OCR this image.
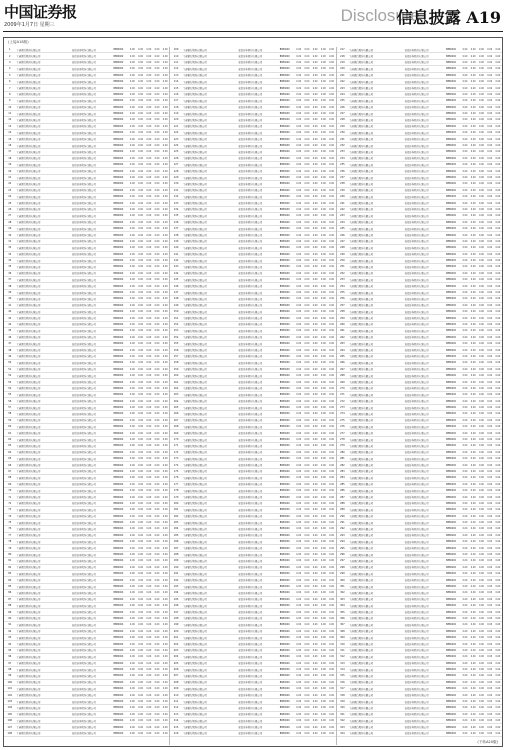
中国证券报
2009年1月7日 星期三	Disclosure
信息披露 A19
(上接A18版)
1	工商银行股份有限公司	安信证券股份有限公司	B880000	0.00	0.00	0.00	0.00	0.00
2	工商银行股份有限公司	安信证券股份有限公司	B880000	0.00	0.00	0.00	0.00	0.00
3	工商银行股份有限公司	安信证券股份有限公司	B880000	0.00	0.00	0.00	0.00	0.00
4	工商银行股份有限公司	安信证券股份有限公司	B880000	0.00	0.00	0.00	0.00	0.00
5	工商银行股份有限公司	安信证券股份有限公司	B880000	0.00	0.00	0.00	0.00	0.00
6	工商银行股份有限公司	安信证券股份有限公司	B880000	0.00	0.00	0.00	0.00	0.00
7	工商银行股份有限公司	安信证券股份有限公司	B880000	0.00	0.00	0.00	0.00	0.00
8	工商银行股份有限公司	安信证券股份有限公司	B880000	0.00	0.00	0.00	0.00	0.00
9	工商银行股份有限公司	安信证券股份有限公司	B880000	0.00	0.00	0.00	0.00	0.00
10	工商银行股份有限公司	安信证券股份有限公司	B880000	0.00	0.00	0.00	0.00	0.00
11	工商银行股份有限公司	安信证券股份有限公司	B880000	0.00	0.00	0.00	0.00	0.00
12	工商银行股份有限公司	安信证券股份有限公司	B880000	0.00	0.00	0.00	0.00	0.00
13	工商银行股份有限公司	安信证券股份有限公司	B880000	0.00	0.00	0.00	0.00	0.00
14	工商银行股份有限公司	安信证券股份有限公司	B880000	0.00	0.00	0.00	0.00	0.00
15	工商银行股份有限公司	安信证券股份有限公司	B880000	0.00	0.00	0.00	0.00	0.00
16	工商银行股份有限公司	安信证券股份有限公司	B880000	0.00	0.00	0.00	0.00	0.00
17	工商银行股份有限公司	安信证券股份有限公司	B880000	0.00	0.00	0.00	0.00	0.00
18	工商银行股份有限公司	安信证券股份有限公司	B880000	0.00	0.00	0.00	0.00	0.00
19	工商银行股份有限公司	安信证券股份有限公司	B880000	0.00	0.00	0.00	0.00	0.00
20	工商银行股份有限公司	安信证券股份有限公司	B880000	0.00	0.00	0.00	0.00	0.00
21	工商银行股份有限公司	安信证券股份有限公司	B880000	0.00	0.00	0.00	0.00	0.00
22	工商银行股份有限公司	安信证券股份有限公司	B880000	0.00	0.00	0.00	0.00	0.00
23	工商银行股份有限公司	安信证券股份有限公司	B880000	0.00	0.00	0.00	0.00	0.00
24	工商银行股份有限公司	安信证券股份有限公司	B880000	0.00	0.00	0.00	0.00	0.00
25	工商银行股份有限公司	安信证券股份有限公司	B880000	0.00	0.00	0.00	0.00	0.00
26	工商银行股份有限公司	安信证券股份有限公司	B880000	0.00	0.00	0.00	0.00	0.00
27	工商银行股份有限公司	安信证券股份有限公司	B880000	0.00	0.00	0.00	0.00	0.00
28	工商银行股份有限公司	安信证券股份有限公司	B880000	0.00	0.00	0.00	0.00	0.00
29	工商银行股份有限公司	安信证券股份有限公司	B880000	0.00	0.00	0.00	0.00	0.00
30	工商银行股份有限公司	安信证券股份有限公司	B880000	0.00	0.00	0.00	0.00	0.00
31	工商银行股份有限公司	安信证券股份有限公司	B880000	0.00	0.00	0.00	0.00	0.00
32	工商银行股份有限公司	安信证券股份有限公司	B880000	0.00	0.00	0.00	0.00	0.00
33	工商银行股份有限公司	安信证券股份有限公司	B880000	0.00	0.00	0.00	0.00	0.00
34	工商银行股份有限公司	安信证券股份有限公司	B880000	0.00	0.00	0.00	0.00	0.00
35	工商银行股份有限公司	安信证券股份有限公司	B880000	0.00	0.00	0.00	0.00	0.00
36	工商银行股份有限公司	安信证券股份有限公司	B880000	0.00	0.00	0.00	0.00	0.00
37	工商银行股份有限公司	安信证券股份有限公司	B880000	0.00	0.00	0.00	0.00	0.00
38	工商银行股份有限公司	安信证券股份有限公司	B880000	0.00	0.00	0.00	0.00	0.00
39	工商银行股份有限公司	安信证券股份有限公司	B880000	0.00	0.00	0.00	0.00	0.00
40	工商银行股份有限公司	安信证券股份有限公司	B880000	0.00	0.00	0.00	0.00	0.00
41	工商银行股份有限公司	安信证券股份有限公司	B880000	0.00	0.00	0.00	0.00	0.00
42	工商银行股份有限公司	安信证券股份有限公司	B880000	0.00	0.00	0.00	0.00	0.00
43	工商银行股份有限公司	安信证券股份有限公司	B880000	0.00	0.00	0.00	0.00	0.00
44	工商银行股份有限公司	安信证券股份有限公司	B880000	0.00	0.00	0.00	0.00	0.00
45	工商银行股份有限公司	安信证券股份有限公司	B880000	0.00	0.00	0.00	0.00	0.00
46	工商银行股份有限公司	安信证券股份有限公司	B880000	0.00	0.00	0.00	0.00	0.00
47	工商银行股份有限公司	安信证券股份有限公司	B880000	0.00	0.00	0.00	0.00	0.00
48	工商银行股份有限公司	安信证券股份有限公司	B880000	0.00	0.00	0.00	0.00	0.00
49	工商银行股份有限公司	安信证券股份有限公司	B880000	0.00	0.00	0.00	0.00	0.00
50	工商银行股份有限公司	安信证券股份有限公司	B880000	0.00	0.00	0.00	0.00	0.00
51	工商银行股份有限公司	安信证券股份有限公司	B880000	0.00	0.00	0.00	0.00	0.00
52	工商银行股份有限公司	安信证券股份有限公司	B880000	0.00	0.00	0.00	0.00	0.00
53	工商银行股份有限公司	安信证券股份有限公司	B880000	0.00	0.00	0.00	0.00	0.00
54	工商银行股份有限公司	安信证券股份有限公司	B880000	0.00	0.00	0.00	0.00	0.00
55	工商银行股份有限公司	安信证券股份有限公司	B880000	0.00	0.00	0.00	0.00	0.00
56	工商银行股份有限公司	安信证券股份有限公司	B880000	0.00	0.00	0.00	0.00	0.00
57	工商银行股份有限公司	安信证券股份有限公司	B880000	0.00	0.00	0.00	0.00	0.00
58	工商银行股份有限公司	安信证券股份有限公司	B880000	0.00	0.00	0.00	0.00	0.00
59	工商银行股份有限公司	安信证券股份有限公司	B880000	0.00	0.00	0.00	0.00	0.00
60	工商银行股份有限公司	安信证券股份有限公司	B880000	0.00	0.00	0.00	0.00	0.00
61	工商银行股份有限公司	安信证券股份有限公司	B880000	0.00	0.00	0.00	0.00	0.00
62	工商银行股份有限公司	安信证券股份有限公司	B880000	0.00	0.00	0.00	0.00	0.00
63	工商银行股份有限公司	安信证券股份有限公司	B880000	0.00	0.00	0.00	0.00	0.00
64	工商银行股份有限公司	安信证券股份有限公司	B880000	0.00	0.00	0.00	0.00	0.00
65	工商银行股份有限公司	安信证券股份有限公司	B880000	0.00	0.00	0.00	0.00	0.00
66	工商银行股份有限公司	安信证券股份有限公司	B880000	0.00	0.00	0.00	0.00	0.00
67	工商银行股份有限公司	安信证券股份有限公司	B880000	0.00	0.00	0.00	0.00	0.00
68	工商银行股份有限公司	安信证券股份有限公司	B880000	0.00	0.00	0.00	0.00	0.00
69	工商银行股份有限公司	安信证券股份有限公司	B880000	0.00	0.00	0.00	0.00	0.00
70	工商银行股份有限公司	安信证券股份有限公司	B880000	0.00	0.00	0.00	0.00	0.00
71	工商银行股份有限公司	安信证券股份有限公司	B880000	0.00	0.00	0.00	0.00	0.00
72	工商银行股份有限公司	安信证券股份有限公司	B880000	0.00	0.00	0.00	0.00	0.00
73	工商银行股份有限公司	安信证券股份有限公司	B880000	0.00	0.00	0.00	0.00	0.00
74	工商银行股份有限公司	安信证券股份有限公司	B880000	0.00	0.00	0.00	0.00	0.00
75	工商银行股份有限公司	安信证券股份有限公司	B880000	0.00	0.00	0.00	0.00	0.00
76	工商银行股份有限公司	安信证券股份有限公司	B880000	0.00	0.00	0.00	0.00	0.00
77	工商银行股份有限公司	安信证券股份有限公司	B880000	0.00	0.00	0.00	0.00	0.00
78	工商银行股份有限公司	安信证券股份有限公司	B880000	0.00	0.00	0.00	0.00	0.00
79	工商银行股份有限公司	安信证券股份有限公司	B880000	0.00	0.00	0.00	0.00	0.00
80	工商银行股份有限公司	安信证券股份有限公司	B880000	0.00	0.00	0.00	0.00	0.00
81	工商银行股份有限公司	安信证券股份有限公司	B880000	0.00	0.00	0.00	0.00	0.00
82	工商银行股份有限公司	安信证券股份有限公司	B880000	0.00	0.00	0.00	0.00	0.00
83	工商银行股份有限公司	安信证券股份有限公司	B880000	0.00	0.00	0.00	0.00	0.00
84	工商银行股份有限公司	安信证券股份有限公司	B880000	0.00	0.00	0.00	0.00	0.00
85	工商银行股份有限公司	安信证券股份有限公司	B880000	0.00	0.00	0.00	0.00	0.00
86	工商银行股份有限公司	安信证券股份有限公司	B880000	0.00	0.00	0.00	0.00	0.00
87	工商银行股份有限公司	安信证券股份有限公司	B880000	0.00	0.00	0.00	0.00	0.00
88	工商银行股份有限公司	安信证券股份有限公司	B880000	0.00	0.00	0.00	0.00	0.00
89	工商银行股份有限公司	安信证券股份有限公司	B880000	0.00	0.00	0.00	0.00	0.00
90	工商银行股份有限公司	安信证券股份有限公司	B880000	0.00	0.00	0.00	0.00	0.00
91	工商银行股份有限公司	安信证券股份有限公司	B880000	0.00	0.00	0.00	0.00	0.00
92	工商银行股份有限公司	安信证券股份有限公司	B880000	0.00	0.00	0.00	0.00	0.00
93	工商银行股份有限公司	安信证券股份有限公司	B880000	0.00	0.00	0.00	0.00	0.00
94	工商银行股份有限公司	安信证券股份有限公司	B880000	0.00	0.00	0.00	0.00	0.00
95	工商银行股份有限公司	安信证券股份有限公司	B880000	0.00	0.00	0.00	0.00	0.00
96	工商银行股份有限公司	安信证券股份有限公司	B880000	0.00	0.00	0.00	0.00	0.00
97	工商银行股份有限公司	安信证券股份有限公司	B880000	0.00	0.00	0.00	0.00	0.00
98	工商银行股份有限公司	安信证券股份有限公司	B880000	0.00	0.00	0.00	0.00	0.00
99	工商银行股份有限公司	安信证券股份有限公司	B880000	0.00	0.00	0.00	0.00	0.00
100	工商银行股份有限公司	安信证券股份有限公司	B880000	0.00	0.00	0.00	0.00	0.00
101	工商银行股份有限公司	安信证券股份有限公司	B880000	0.00	0.00	0.00	0.00	0.00
102	工商银行股份有限公司	安信证券股份有限公司	B880000	0.00	0.00	0.00	0.00	0.00
103	工商银行股份有限公司	安信证券股份有限公司	B880000	0.00	0.00	0.00	0.00	0.00
104	工商银行股份有限公司	安信证券股份有限公司	B880000	0.00	0.00	0.00	0.00	0.00
105	工商银行股份有限公司	安信证券股份有限公司	B880000	0.00	0.00	0.00	0.00	0.00
106	工商银行股份有限公司	安信证券股份有限公司	B880000	0.00	0.00	0.00	0.00	0.00
107	工商银行股份有限公司	安信证券股份有限公司	B880000	0.00	0.00	0.00	0.00	0.00
108	工商银行股份有限公司	安信证券股份有限公司	B880000	0.00	0.00	0.00	0.00	0.00
109	工商银行股份有限公司	安信证券股份有限公司	B880000	0.00	0.00	0.00	0.00	0.00
110	工商银行股份有限公司	安信证券股份有限公司	B880000	0.00	0.00	0.00	0.00	0.00
111	工商银行股份有限公司	安信证券股份有限公司	B880000	0.00	0.00	0.00	0.00	0.00
112	工商银行股份有限公司	安信证券股份有限公司	B880000	0.00	0.00	0.00	0.00	0.00
113	工商银行股份有限公司	安信证券股份有限公司	B880000	0.00	0.00	0.00	0.00	0.00
114	工商银行股份有限公司	安信证券股份有限公司	B880000	0.00	0.00	0.00	0.00	0.00
115	工商银行股份有限公司	安信证券股份有限公司	B880000	0.00	0.00	0.00	0.00	0.00
116	工商银行股份有限公司	安信证券股份有限公司	B880000	0.00	0.00	0.00	0.00	0.00
117	工商银行股份有限公司	安信证券股份有限公司	B880000	0.00	0.00	0.00	0.00	0.00
118	工商银行股份有限公司	安信证券股份有限公司	B880000	0.00	0.00	0.00	0.00	0.00
119	工商银行股份有限公司	安信证券股份有限公司	B880000	0.00	0.00	0.00	0.00	0.00
120	工商银行股份有限公司	安信证券股份有限公司	B880000	0.00	0.00	0.00	0.00	0.00
121	工商银行股份有限公司	安信证券股份有限公司	B880000	0.00	0.00	0.00	0.00	0.00
122	工商银行股份有限公司	安信证券股份有限公司	B880000	0.00	0.00	0.00	0.00	0.00
123	工商银行股份有限公司	安信证券股份有限公司	B880000	0.00	0.00	0.00	0.00	0.00
124	工商银行股份有限公司	安信证券股份有限公司	B880000	0.00	0.00	0.00	0.00	0.00
125	工商银行股份有限公司	安信证券股份有限公司	B880000	0.00	0.00	0.00	0.00	0.00
126	工商银行股份有限公司	安信证券股份有限公司	B880000	0.00	0.00	0.00	0.00	0.00
127	工商银行股份有限公司	安信证券股份有限公司	B880000	0.00	0.00	0.00	0.00	0.00
128	工商银行股份有限公司	安信证券股份有限公司	B880000	0.00	0.00	0.00	0.00	0.00
129	工商银行股份有限公司	安信证券股份有限公司	B880000	0.00	0.00	0.00	0.00	0.00
130	工商银行股份有限公司	安信证券股份有限公司	B880000	0.00	0.00	0.00	0.00	0.00
131	工商银行股份有限公司	安信证券股份有限公司	B880000	0.00	0.00	0.00	0.00	0.00
132	工商银行股份有限公司	安信证券股份有限公司	B880000	0.00	0.00	0.00	0.00	0.00
133	工商银行股份有限公司	安信证券股份有限公司	B880000	0.00	0.00	0.00	0.00	0.00
134	工商银行股份有限公司	安信证券股份有限公司	B880000	0.00	0.00	0.00	0.00	0.00
135	工商银行股份有限公司	安信证券股份有限公司	B880000	0.00	0.00	0.00	0.00	0.00
136	工商银行股份有限公司	安信证券股份有限公司	B880000	0.00	0.00	0.00	0.00	0.00
137	工商银行股份有限公司	安信证券股份有限公司	B880000	0.00	0.00	0.00	0.00	0.00
138	工商银行股份有限公司	安信证券股份有限公司	B880000	0.00	0.00	0.00	0.00	0.00
139	工商银行股份有限公司	安信证券股份有限公司	B880000	0.00	0.00	0.00	0.00	0.00
140	工商银行股份有限公司	安信证券股份有限公司	B880000	0.00	0.00	0.00	0.00	0.00
141	工商银行股份有限公司	安信证券股份有限公司	B880000	0.00	0.00	0.00	0.00	0.00
142	工商银行股份有限公司	安信证券股份有限公司	B880000	0.00	0.00	0.00	0.00	0.00
143	工商银行股份有限公司	安信证券股份有限公司	B880000	0.00	0.00	0.00	0.00	0.00
144	工商银行股份有限公司	安信证券股份有限公司	B880000	0.00	0.00	0.00	0.00	0.00
145	工商银行股份有限公司	安信证券股份有限公司	B880000	0.00	0.00	0.00	0.00	0.00
146	工商银行股份有限公司	安信证券股份有限公司	B880000	0.00	0.00	0.00	0.00	0.00
147	工商银行股份有限公司	安信证券股份有限公司	B880000	0.00	0.00	0.00	0.00	0.00
148	工商银行股份有限公司	安信证券股份有限公司	B880000	0.00	0.00	0.00	0.00	0.00
149	工商银行股份有限公司	安信证券股份有限公司	B880000	0.00	0.00	0.00	0.00	0.00
150	工商银行股份有限公司	安信证券股份有限公司	B880000	0.00	0.00	0.00	0.00	0.00
151	工商银行股份有限公司	安信证券股份有限公司	B880000	0.00	0.00	0.00	0.00	0.00
152	工商银行股份有限公司	安信证券股份有限公司	B880000	0.00	0.00	0.00	0.00	0.00
153	工商银行股份有限公司	安信证券股份有限公司	B880000	0.00	0.00	0.00	0.00	0.00
154	工商银行股份有限公司	安信证券股份有限公司	B880000	0.00	0.00	0.00	0.00	0.00
155	工商银行股份有限公司	安信证券股份有限公司	B880000	0.00	0.00	0.00	0.00	0.00
156	工商银行股份有限公司	安信证券股份有限公司	B880000	0.00	0.00	0.00	0.00	0.00
157	工商银行股份有限公司	安信证券股份有限公司	B880000	0.00	0.00	0.00	0.00	0.00
158	工商银行股份有限公司	安信证券股份有限公司	B880000	0.00	0.00	0.00	0.00	0.00
159	工商银行股份有限公司	安信证券股份有限公司	B880000	0.00	0.00	0.00	0.00	0.00
160	工商银行股份有限公司	安信证券股份有限公司	B880000	0.00	0.00	0.00	0.00	0.00
161	工商银行股份有限公司	安信证券股份有限公司	B880000	0.00	0.00	0.00	0.00	0.00
162	工商银行股份有限公司	安信证券股份有限公司	B880000	0.00	0.00	0.00	0.00	0.00
163	工商银行股份有限公司	安信证券股份有限公司	B880000	0.00	0.00	0.00	0.00	0.00
164	工商银行股份有限公司	安信证券股份有限公司	B880000	0.00	0.00	0.00	0.00	0.00
165	工商银行股份有限公司	安信证券股份有限公司	B880000	0.00	0.00	0.00	0.00	0.00
166	工商银行股份有限公司	安信证券股份有限公司	B880000	0.00	0.00	0.00	0.00	0.00
167	工商银行股份有限公司	安信证券股份有限公司	B880000	0.00	0.00	0.00	0.00	0.00
168	工商银行股份有限公司	安信证券股份有限公司	B880000	0.00	0.00	0.00	0.00	0.00
169	工商银行股份有限公司	安信证券股份有限公司	B880000	0.00	0.00	0.00	0.00	0.00
170	工商银行股份有限公司	安信证券股份有限公司	B880000	0.00	0.00	0.00	0.00	0.00
171	工商银行股份有限公司	安信证券股份有限公司	B880000	0.00	0.00	0.00	0.00	0.00
172	工商银行股份有限公司	安信证券股份有限公司	B880000	0.00	0.00	0.00	0.00	0.00
173	工商银行股份有限公司	安信证券股份有限公司	B880000	0.00	0.00	0.00	0.00	0.00
174	工商银行股份有限公司	安信证券股份有限公司	B880000	0.00	0.00	0.00	0.00	0.00
175	工商银行股份有限公司	安信证券股份有限公司	B880000	0.00	0.00	0.00	0.00	0.00
176	工商银行股份有限公司	安信证券股份有限公司	B880000	0.00	0.00	0.00	0.00	0.00
177	工商银行股份有限公司	安信证券股份有限公司	B880000	0.00	0.00	0.00	0.00	0.00
178	工商银行股份有限公司	安信证券股份有限公司	B880000	0.00	0.00	0.00	0.00	0.00
179	工商银行股份有限公司	安信证券股份有限公司	B880000	0.00	0.00	0.00	0.00	0.00
180	工商银行股份有限公司	安信证券股份有限公司	B880000	0.00	0.00	0.00	0.00	0.00
181	工商银行股份有限公司	安信证券股份有限公司	B880000	0.00	0.00	0.00	0.00	0.00
182	工商银行股份有限公司	安信证券股份有限公司	B880000	0.00	0.00	0.00	0.00	0.00
183	工商银行股份有限公司	安信证券股份有限公司	B880000	0.00	0.00	0.00	0.00	0.00
184	工商银行股份有限公司	安信证券股份有限公司	B880000	0.00	0.00	0.00	0.00	0.00
185	工商银行股份有限公司	安信证券股份有限公司	B880000	0.00	0.00	0.00	0.00	0.00
186	工商银行股份有限公司	安信证券股份有限公司	B880000	0.00	0.00	0.00	0.00	0.00
187	工商银行股份有限公司	安信证券股份有限公司	B880000	0.00	0.00	0.00	0.00	0.00
188	工商银行股份有限公司	安信证券股份有限公司	B880000	0.00	0.00	0.00	0.00	0.00
189	工商银行股份有限公司	安信证券股份有限公司	B880000	0.00	0.00	0.00	0.00	0.00
190	工商银行股份有限公司	安信证券股份有限公司	B880000	0.00	0.00	0.00	0.00	0.00
191	工商银行股份有限公司	安信证券股份有限公司	B880000	0.00	0.00	0.00	0.00	0.00
192	工商银行股份有限公司	安信证券股份有限公司	B880000	0.00	0.00	0.00	0.00	0.00
193	工商银行股份有限公司	安信证券股份有限公司	B880000	0.00	0.00	0.00	0.00	0.00
194	工商银行股份有限公司	安信证券股份有限公司	B880000	0.00	0.00	0.00	0.00	0.00
195	工商银行股份有限公司	安信证券股份有限公司	B880000	0.00	0.00	0.00	0.00	0.00
196	工商银行股份有限公司	安信证券股份有限公司	B880000	0.00	0.00	0.00	0.00	0.00
197	工商银行股份有限公司	安信证券股份有限公司	B880000	0.00	0.00	0.00	0.00	0.00
198	工商银行股份有限公司	安信证券股份有限公司	B880000	0.00	0.00	0.00	0.00	0.00
199	工商银行股份有限公司	安信证券股份有限公司	B880000	0.00	0.00	0.00	0.00	0.00
200	工商银行股份有限公司	安信证券股份有限公司	B880000	0.00	0.00	0.00	0.00	0.00
201	工商银行股份有限公司	安信证券股份有限公司	B880000	0.00	0.00	0.00	0.00	0.00
202	工商银行股份有限公司	安信证券股份有限公司	B880000	0.00	0.00	0.00	0.00	0.00
203	工商银行股份有限公司	安信证券股份有限公司	B880000	0.00	0.00	0.00	0.00	0.00
204	工商银行股份有限公司	安信证券股份有限公司	B880000	0.00	0.00	0.00	0.00	0.00
205	工商银行股份有限公司	安信证券股份有限公司	B880000	0.00	0.00	0.00	0.00	0.00
206	工商银行股份有限公司	安信证券股份有限公司	B880000	0.00	0.00	0.00	0.00	0.00
207	工商银行股份有限公司	安信证券股份有限公司	B880000	0.00	0.00	0.00	0.00	0.00
208	工商银行股份有限公司	安信证券股份有限公司	B880000	0.00	0.00	0.00	0.00	0.00
209	工商银行股份有限公司	安信证券股份有限公司	B880000	0.00	0.00	0.00	0.00	0.00
210	工商银行股份有限公司	安信证券股份有限公司	B880000	0.00	0.00	0.00	0.00	0.00
211	工商银行股份有限公司	安信证券股份有限公司	B880000	0.00	0.00	0.00	0.00	0.00
212	工商银行股份有限公司	安信证券股份有限公司	B880000	0.00	0.00	0.00	0.00	0.00
213	工商银行股份有限公司	安信证券股份有限公司	B880000	0.00	0.00	0.00	0.00	0.00
214	工商银行股份有限公司	安信证券股份有限公司	B880000	0.00	0.00	0.00	0.00	0.00
215	工商银行股份有限公司	安信证券股份有限公司	B880000	0.00	0.00	0.00	0.00	0.00
216	工商银行股份有限公司	安信证券股份有限公司	B880000	0.00	0.00	0.00	0.00	0.00
217	工商银行股份有限公司	安信证券股份有限公司	B880000	0.00	0.00	0.00	0.00	0.00
218	工商银行股份有限公司	安信证券股份有限公司	B880000	0.00	0.00	0.00	0.00	0.00
219	工商银行股份有限公司	安信证券股份有限公司	B880000	0.00	0.00	0.00	0.00	0.00
220	工商银行股份有限公司	安信证券股份有限公司	B880000	0.00	0.00	0.00	0.00	0.00
221	工商银行股份有限公司	安信证券股份有限公司	B880000	0.00	0.00	0.00	0.00	0.00
222	工商银行股份有限公司	安信证券股份有限公司	B880000	0.00	0.00	0.00	0.00	0.00
223	工商银行股份有限公司	安信证券股份有限公司	B880000	0.00	0.00	0.00	0.00	0.00
224	工商银行股份有限公司	安信证券股份有限公司	B880000	0.00	0.00	0.00	0.00	0.00
225	工商银行股份有限公司	安信证券股份有限公司	B880000	0.00	0.00	0.00	0.00	0.00
226	工商银行股份有限公司	安信证券股份有限公司	B880000	0.00	0.00	0.00	0.00	0.00
227	工商银行股份有限公司	安信证券股份有限公司	B880000	0.00	0.00	0.00	0.00	0.00
228	工商银行股份有限公司	安信证券股份有限公司	B880000	0.00	0.00	0.00	0.00	0.00
229	工商银行股份有限公司	安信证券股份有限公司	B880000	0.00	0.00	0.00	0.00	0.00
230	工商银行股份有限公司	安信证券股份有限公司	B880000	0.00	0.00	0.00	0.00	0.00
231	工商银行股份有限公司	安信证券股份有限公司	B880000	0.00	0.00	0.00	0.00	0.00
232	工商银行股份有限公司	安信证券股份有限公司	B880000	0.00	0.00	0.00	0.00	0.00
233	工商银行股份有限公司	安信证券股份有限公司	B880000	0.00	0.00	0.00	0.00	0.00
234	工商银行股份有限公司	安信证券股份有限公司	B880000	0.00	0.00	0.00	0.00	0.00
235	工商银行股份有限公司	安信证券股份有限公司	B880000	0.00	0.00	0.00	0.00	0.00
236	工商银行股份有限公司	安信证券股份有限公司	B880000	0.00	0.00	0.00	0.00	0.00
237	工商银行股份有限公司	安信证券股份有限公司	B880000	0.00	0.00	0.00	0.00	0.00
238	工商银行股份有限公司	安信证券股份有限公司	B880000	0.00	0.00	0.00	0.00	0.00
239	工商银行股份有限公司	安信证券股份有限公司	B880000	0.00	0.00	0.00	0.00	0.00
240	工商银行股份有限公司	安信证券股份有限公司	B880000	0.00	0.00	0.00	0.00	0.00
241	工商银行股份有限公司	安信证券股份有限公司	B880000	0.00	0.00	0.00	0.00	0.00
242	工商银行股份有限公司	安信证券股份有限公司	B880000	0.00	0.00	0.00	0.00	0.00
243	工商银行股份有限公司	安信证券股份有限公司	B880000	0.00	0.00	0.00	0.00	0.00
244	工商银行股份有限公司	安信证券股份有限公司	B880000	0.00	0.00	0.00	0.00	0.00
245	工商银行股份有限公司	安信证券股份有限公司	B880000	0.00	0.00	0.00	0.00	0.00
246	工商银行股份有限公司	安信证券股份有限公司	B880000	0.00	0.00	0.00	0.00	0.00
247	工商银行股份有限公司	安信证券股份有限公司	B880000	0.00	0.00	0.00	0.00	0.00
248	工商银行股份有限公司	安信证券股份有限公司	B880000	0.00	0.00	0.00	0.00	0.00
249	工商银行股份有限公司	安信证券股份有限公司	B880000	0.00	0.00	0.00	0.00	0.00
250	工商银行股份有限公司	安信证券股份有限公司	B880000	0.00	0.00	0.00	0.00	0.00
251	工商银行股份有限公司	安信证券股份有限公司	B880000	0.00	0.00	0.00	0.00	0.00
252	工商银行股份有限公司	安信证券股份有限公司	B880000	0.00	0.00	0.00	0.00	0.00
253	工商银行股份有限公司	安信证券股份有限公司	B880000	0.00	0.00	0.00	0.00	0.00
254	工商银行股份有限公司	安信证券股份有限公司	B880000	0.00	0.00	0.00	0.00	0.00
255	工商银行股份有限公司	安信证券股份有限公司	B880000	0.00	0.00	0.00	0.00	0.00
256	工商银行股份有限公司	安信证券股份有限公司	B880000	0.00	0.00	0.00	0.00	0.00
257	工商银行股份有限公司	安信证券股份有限公司	B880000	0.00	0.00	0.00	0.00	0.00
258	工商银行股份有限公司	安信证券股份有限公司	B880000	0.00	0.00	0.00	0.00	0.00
259	工商银行股份有限公司	安信证券股份有限公司	B880000	0.00	0.00	0.00	0.00	0.00
260	工商银行股份有限公司	安信证券股份有限公司	B880000	0.00	0.00	0.00	0.00	0.00
261	工商银行股份有限公司	安信证券股份有限公司	B880000	0.00	0.00	0.00	0.00	0.00
262	工商银行股份有限公司	安信证券股份有限公司	B880000	0.00	0.00	0.00	0.00	0.00
263	工商银行股份有限公司	安信证券股份有限公司	B880000	0.00	0.00	0.00	0.00	0.00
264	工商银行股份有限公司	安信证券股份有限公司	B880000	0.00	0.00	0.00	0.00	0.00
265	工商银行股份有限公司	安信证券股份有限公司	B880000	0.00	0.00	0.00	0.00	0.00
266	工商银行股份有限公司	安信证券股份有限公司	B880000	0.00	0.00	0.00	0.00	0.00
267	工商银行股份有限公司	安信证券股份有限公司	B880000	0.00	0.00	0.00	0.00	0.00
268	工商银行股份有限公司	安信证券股份有限公司	B880000	0.00	0.00	0.00	0.00	0.00
269	工商银行股份有限公司	安信证券股份有限公司	B880000	0.00	0.00	0.00	0.00	0.00
270	工商银行股份有限公司	安信证券股份有限公司	B880000	0.00	0.00	0.00	0.00	0.00
271	工商银行股份有限公司	安信证券股份有限公司	B880000	0.00	0.00	0.00	0.00	0.00
272	工商银行股份有限公司	安信证券股份有限公司	B880000	0.00	0.00	0.00	0.00	0.00
273	工商银行股份有限公司	安信证券股份有限公司	B880000	0.00	0.00	0.00	0.00	0.00
274	工商银行股份有限公司	安信证券股份有限公司	B880000	0.00	0.00	0.00	0.00	0.00
275	工商银行股份有限公司	安信证券股份有限公司	B880000	0.00	0.00	0.00	0.00	0.00
276	工商银行股份有限公司	安信证券股份有限公司	B880000	0.00	0.00	0.00	0.00	0.00
277	工商银行股份有限公司	安信证券股份有限公司	B880000	0.00	0.00	0.00	0.00	0.00
278	工商银行股份有限公司	安信证券股份有限公司	B880000	0.00	0.00	0.00	0.00	0.00
279	工商银行股份有限公司	安信证券股份有限公司	B880000	0.00	0.00	0.00	0.00	0.00
280	工商银行股份有限公司	安信证券股份有限公司	B880000	0.00	0.00	0.00	0.00	0.00
281	工商银行股份有限公司	安信证券股份有限公司	B880000	0.00	0.00	0.00	0.00	0.00
282	工商银行股份有限公司	安信证券股份有限公司	B880000	0.00	0.00	0.00	0.00	0.00
283	工商银行股份有限公司	安信证券股份有限公司	B880000	0.00	0.00	0.00	0.00	0.00
284	工商银行股份有限公司	安信证券股份有限公司	B880000	0.00	0.00	0.00	0.00	0.00
285	工商银行股份有限公司	安信证券股份有限公司	B880000	0.00	0.00	0.00	0.00	0.00
286	工商银行股份有限公司	安信证券股份有限公司	B880000	0.00	0.00	0.00	0.00	0.00
287	工商银行股份有限公司	安信证券股份有限公司	B880000	0.00	0.00	0.00	0.00	0.00
288	工商银行股份有限公司	安信证券股份有限公司	B880000	0.00	0.00	0.00	0.00	0.00
289	工商银行股份有限公司	安信证券股份有限公司	B880000	0.00	0.00	0.00	0.00	0.00
290	工商银行股份有限公司	安信证券股份有限公司	B880000	0.00	0.00	0.00	0.00	0.00
291	工商银行股份有限公司	安信证券股份有限公司	B880000	0.00	0.00	0.00	0.00	0.00
292	工商银行股份有限公司	安信证券股份有限公司	B880000	0.00	0.00	0.00	0.00	0.00
293	工商银行股份有限公司	安信证券股份有限公司	B880000	0.00	0.00	0.00	0.00	0.00
294	工商银行股份有限公司	安信证券股份有限公司	B880000	0.00	0.00	0.00	0.00	0.00
295	工商银行股份有限公司	安信证券股份有限公司	B880000	0.00	0.00	0.00	0.00	0.00
296	工商银行股份有限公司	安信证券股份有限公司	B880000	0.00	0.00	0.00	0.00	0.00
297	工商银行股份有限公司	安信证券股份有限公司	B880000	0.00	0.00	0.00	0.00	0.00
298	工商银行股份有限公司	安信证券股份有限公司	B880000	0.00	0.00	0.00	0.00	0.00
299	工商银行股份有限公司	安信证券股份有限公司	B880000	0.00	0.00	0.00	0.00	0.00
300	工商银行股份有限公司	安信证券股份有限公司	B880000	0.00	0.00	0.00	0.00	0.00
301	工商银行股份有限公司	安信证券股份有限公司	B880000	0.00	0.00	0.00	0.00	0.00
302	工商银行股份有限公司	安信证券股份有限公司	B880000	0.00	0.00	0.00	0.00	0.00
303	工商银行股份有限公司	安信证券股份有限公司	B880000	0.00	0.00	0.00	0.00	0.00
304	工商银行股份有限公司	安信证券股份有限公司	B880000	0.00	0.00	0.00	0.00	0.00
305	工商银行股份有限公司	安信证券股份有限公司	B880000	0.00	0.00	0.00	0.00	0.00
306	工商银行股份有限公司	安信证券股份有限公司	B880000	0.00	0.00	0.00	0.00	0.00
307	工商银行股份有限公司	安信证券股份有限公司	B880000	0.00	0.00	0.00	0.00	0.00
308	工商银行股份有限公司	安信证券股份有限公司	B880000	0.00	0.00	0.00	0.00	0.00
309	工商银行股份有限公司	安信证券股份有限公司	B880000	0.00	0.00	0.00	0.00	0.00
310	工商银行股份有限公司	安信证券股份有限公司	B880000	0.00	0.00	0.00	0.00	0.00
311	工商银行股份有限公司	安信证券股份有限公司	B880000	0.00	0.00	0.00	0.00	0.00
312	工商银行股份有限公司	安信证券股份有限公司	B880000	0.00	0.00	0.00	0.00	0.00
313	工商银行股份有限公司	安信证券股份有限公司	B880000	0.00	0.00	0.00	0.00	0.00
314	工商银行股份有限公司	安信证券股份有限公司	B880000	0.00	0.00	0.00	0.00	0.00
315	工商银行股份有限公司	安信证券股份有限公司	B880000	0.00	0.00	0.00	0.00	0.00
316	工商银行股份有限公司	安信证券股份有限公司	B880000	0.00	0.00	0.00	0.00	0.00
317	工商银行股份有限公司	安信证券股份有限公司	B880000	0.00	0.00	0.00	0.00	0.00
318	工商银行股份有限公司	安信证券股份有限公司	B880000	0.00	0.00	0.00	0.00	0.00
319	工商银行股份有限公司	安信证券股份有限公司	B880000	0.00	0.00	0.00	0.00	0.00
320	工商银行股份有限公司	安信证券股份有限公司	B880000	0.00	0.00	0.00	0.00	0.00
321	工商银行股份有限公司	安信证券股份有限公司	B880000	0.00	0.00	0.00	0.00	0.00
322	工商银行股份有限公司	安信证券股份有限公司	B880000	0.00	0.00	0.00	0.00	0.00
323	工商银行股份有限公司	安信证券股份有限公司	B880000	0.00	0.00	0.00	0.00	0.00
324	工商银行股份有限公司	安信证券股份有限公司	B880000	0.00	0.00	0.00	0.00	0.00
(下转A20版)
